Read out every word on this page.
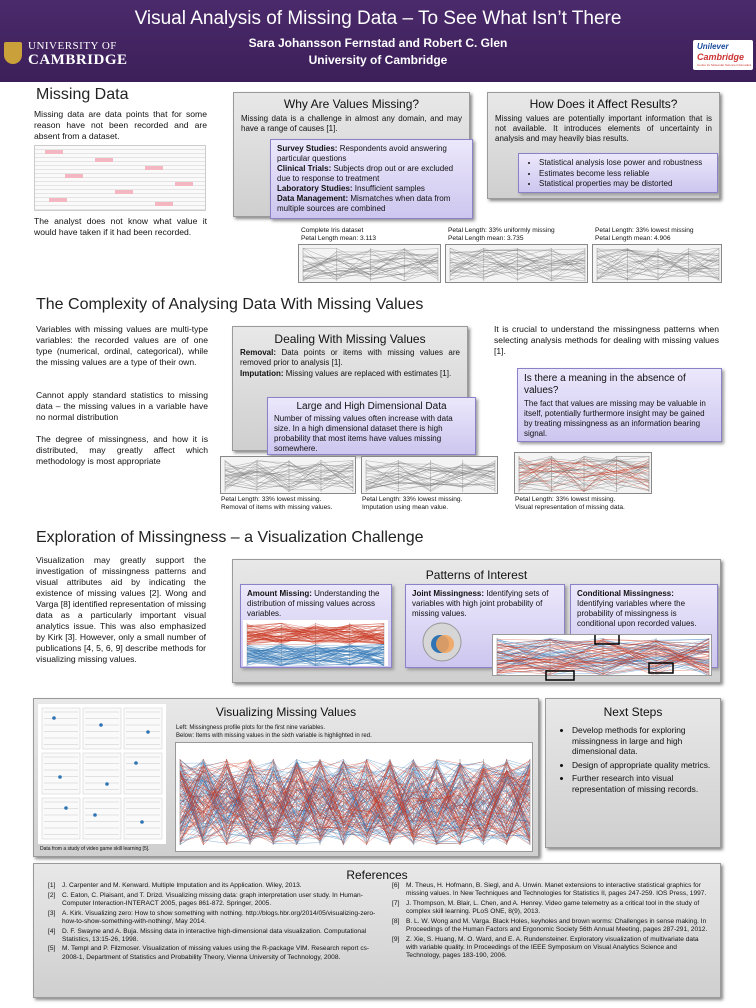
Visual Analysis of Missing Data – To See What Isn’t There
Sara Johansson Fernstad and Robert C. Glen
University of Cambridge
UNIVERSITY OF
CAMBRIDGE
Unilever
Cambridge
Centre for Molecular Science Informatics
Missing Data
Missing data are data points that for some reason have not been recorded and are absent from a dataset.
The analyst does not know what value it would have taken if it had been recorded.
Why Are Values Missing?
Missing data is a challenge in almost any domain, and may have a range of causes [1].
Survey Studies: Respondents avoid answering particular questions
Clinical Trials: Subjects drop out or are excluded due to response to treatment
Laboratory Studies: Insufficient samples
Data Management: Mismatches when data from multiple sources are combined
How Does it Affect Results?
Missing values are potentially important information that is not available. It introduces elements of uncertainty in analysis and may heavily bias results.
• Statistical analysis lose power and robustness
• Estimates become less reliable
• Statistical properties may be distorted
Complete Iris dataset
Petal Length mean: 3.113
Petal Length: 33% uniformly missing
Petal Length mean: 3.735
Petal Length: 33% lowest missing
Petal Length mean: 4.906
The Complexity of Analysing Data With Missing Values
Variables with missing values are multi-type variables: the recorded values are of one type (numerical, ordinal, categorical), while the missing values are a type of their own.
Cannot apply standard statistics to missing data – the missing values in a variable have no normal distribution
The degree of missingness, and how it is distributed, may greatly affect which methodology is most appropriate
Dealing With Missing Values
Removal: Data points or items with missing values are removed prior to analysis [1].
Imputation: Missing values are replaced with estimates [1].
Large and High Dimensional Data
Number of missing values often increase with data size. In a high dimensional dataset there is high probability that most items have values missing somewhere.
It is crucial to understand the missingness patterns when selecting analysis methods for dealing with missing values [1].
Is there a meaning in the absence of values?
The fact that values are missing may be valuable in itself, potentially furthermore insight may be gained by treating missingness as an information bearing signal.
Petal Length: 33% lowest missing.
Removal of items with missing values.
Petal Length: 33% lowest missing.
Imputation using mean value.
Petal Length: 33% lowest missing.
Visual representation of missing data.
Exploration of Missingness – a Visualization Challenge
Visualization may greatly support the investigation of missingness patterns and visual attributes aid by indicating the existence of missing values [2]. Wong and Varga [8] identified representation of missing data as a particularly important visual analytics issue. This was also emphasized by Kirk [3]. However, only a small number of publications [4, 5, 6, 9] describe methods for visualizing missing values.
Patterns of Interest
Amount Missing: Understanding the distribution of missing values across variables.
Joint Missingness: Identifying sets of variables with high joint probability of missing values.
Conditional Missingness: Identifying variables where the probability of missingness is conditional upon recorded values.
Visualizing Missing Values
Data from a study of video game skill learning [5].
Left: Missingness profile plots for the first nine variables.
Below: Items with missing values in the sixth variable is highlighted in red.
Next Steps
• Develop methods for exploring missingness in large and high dimensional data.
• Design of appropriate quality metrics.
• Further research into visual representation of missing records.
References
[1] J. Carpenter and M. Kenward. Multiple Imputation and its Application. Wiley, 2013.
[2] C. Eaton, C. Plaisant, and T. Drizd. Visualizing missing data: graph interpretation user study. In Human-Computer Interaction-INTERACT 2005, pages 861-872. Springer, 2005.
[3] A. Kirk. Visualizing zero: How to show something with nothing. http://blogs.hbr.org/2014/05/visualizing-zero-how-to-show-something-with-nothing/, May 2014.
[4] D. F. Swayne and A. Buja. Missing data in interactive high-dimensional data visualization. Computational Statistics, 13:15-26, 1998.
[5] M. Templ and P. Filzmoser. Visualization of missing values using the R-package VIM. Research report cs-2008-1, Department of Statistics and Probability Theory, Vienna University of Technology, 2008.
[6] M. Theus, H. Hofmann, B. Siegl, and A. Unwin. Manet extensions to interactive statistical graphics for missing values. In New Techniques and Technologies for Statistics II, pages 247-259. IOS Press, 1997.
[7] J. Thompson, M. Blair, L. Chen, and A. Henrey. Video game telemetry as a critical tool in the study of complex skill learning. PLoS ONE, 8(9), 2013.
[8] B. L. W. Wong and M. Varga. Black Holes, keyholes and brown worms: Challenges in sense making. In Proceedings of the Human Factors and Ergonomic Society 56th Annual Meeting, pages 287-291, 2012.
[9] Z. Xie, S. Huang, M. O. Ward, and E. A. Rundensteiner. Exploratory visualization of multivariate data with variable quality. In Proceedings of the IEEE Symposium on Visual Analytics Science and Technology, pages 183-190, 2006.
